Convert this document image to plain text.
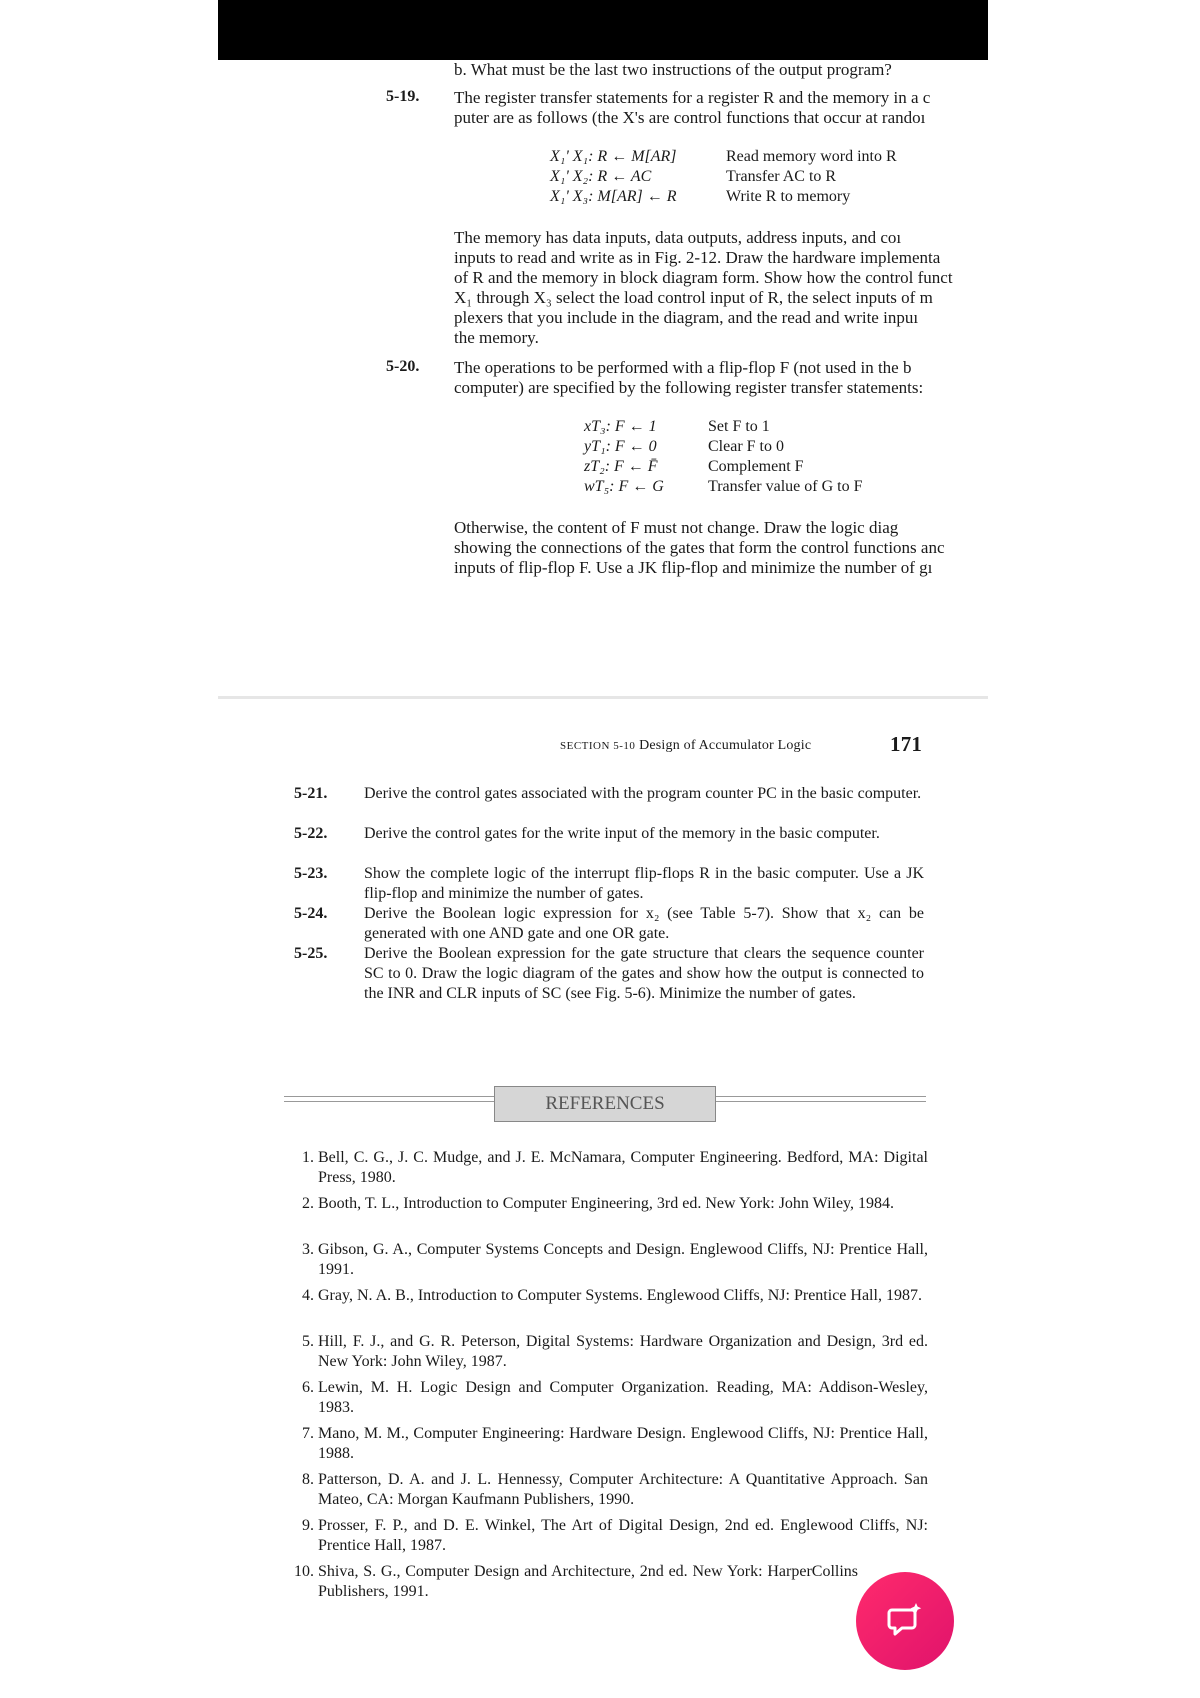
b. What must be the last two instructions of the output program?
5-19. The register transfer statements for a register R and the memory in a c
puter are as follows (the X's are control functions that occur at randoı
X₁' X₁: R ← M[AR]	Read memory word into R
X₁' X₂: R ← AC	Transfer AC to R
X₁' X₃: M[AR] ← R	Write R to memory
The memory has data inputs, data outputs, address inputs, and coı
inputs to read and write as in Fig. 2-12. Draw the hardware implementa
of R and the memory in block diagram form. Show how the control funct
X₁ through X₃ select the load control input of R, the select inputs of m
plexers that you include in the diagram, and the read and write inpuı
the memory.
5-20. The operations to be performed with a flip-flop F (not used in the b
computer) are specified by the following register transfer statements:
xT₃: F ← 1	Set F to 1
yT₁: F ← 0	Clear F to 0
zT₂: F ← F̄	Complement F
wT₅: F ← G	Transfer value of G to F
Otherwise, the content of F must not change. Draw the logic diag
showing the connections of the gates that form the control functions anc
inputs of flip-flop F. Use a JK flip-flop and minimize the number of gı
SECTION 5-10 Design of Accumulator Logic	171
5-21. Derive the control gates associated with the program counter PC in the basic computer.
5-22. Derive the control gates for the write input of the memory in the basic computer.
5-23. Show the complete logic of the interrupt flip-flops R in the basic computer. Use a JK flip-flop and minimize the number of gates.
5-24. Derive the Boolean logic expression for x₂ (see Table 5-7). Show that x₂ can be generated with one AND gate and one OR gate.
5-25. Derive the Boolean expression for the gate structure that clears the sequence counter SC to 0. Draw the logic diagram of the gates and show how the output is connected to the INR and CLR inputs of SC (see Fig. 5-6). Minimize the number of gates.
REFERENCES
1. Bell, C. G., J. C. Mudge, and J. E. McNamara, Computer Engineering. Bedford, MA: Digital Press, 1980.
2. Booth, T. L., Introduction to Computer Engineering, 3rd ed. New York: John Wiley, 1984.
3. Gibson, G. A., Computer Systems Concepts and Design. Englewood Cliffs, NJ: Prentice Hall, 1991.
4. Gray, N. A. B., Introduction to Computer Systems. Englewood Cliffs, NJ: Prentice Hall, 1987.
5. Hill, F. J., and G. R. Peterson, Digital Systems: Hardware Organization and Design, 3rd ed. New York: John Wiley, 1987.
6. Lewin, M. H. Logic Design and Computer Organization. Reading, MA: Addison-Wesley, 1983.
7. Mano, M. M., Computer Engineering: Hardware Design. Englewood Cliffs, NJ: Prentice Hall, 1988.
8. Patterson, D. A. and J. L. Hennessy, Computer Architecture: A Quantitative Approach. San Mateo, CA: Morgan Kaufmann Publishers, 1990.
9. Prosser, F. P., and D. E. Winkel, The Art of Digital Design, 2nd ed. Englewood Cliffs, NJ: Prentice Hall, 1987.
10. Shiva, S. G., Computer Design and Architecture, 2nd ed. New York: HarperCollins Publishers, 1991.
